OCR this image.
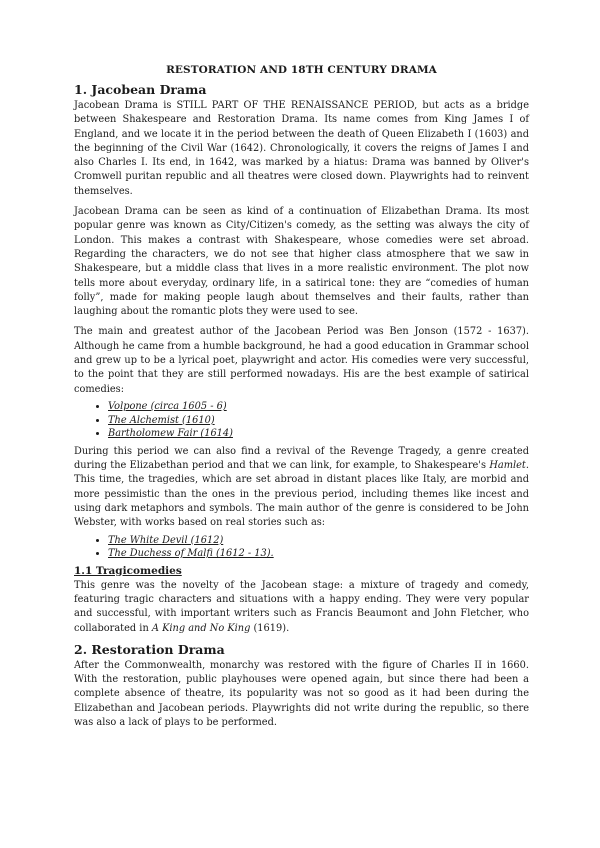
RESTORATION AND 18TH CENTURY DRAMA
1. Jacobean Drama

Jacobean Drama is STILL PART OF THE RENAISSANCE PERIOD, but acts as a bridge between Shakespeare and Restoration Drama. Its name comes from King James I of England, and we locate it in the period between the death of Queen Elizabeth I (1603) and the beginning of the Civil War (1642). Chronologically, it covers the reigns of James I and also Charles I. Its end, in 1642, was marked by a hiatus: Drama was banned by Oliver's Cromwell puritan republic and all theatres were closed down. Playwrights had to reinvent themselves.

Jacobean Drama can be seen as kind of a continuation of Elizabethan Drama. Its most popular genre was known as City/Citizen's comedy, as the setting was always the city of London. This makes a contrast with Shakespeare, whose comedies were set abroad. Regarding the characters, we do not see that higher class atmosphere that we saw in Shakespeare, but a middle class that lives in a more realistic environment. The plot now tells more about everyday, ordinary life, in a satirical tone: they are “comedies of human folly”, made for making people laugh about themselves and their faults, rather than laughing about the romantic plots they were used to see.

The main and greatest author of the Jacobean Period was Ben Jonson (1572 - 1637). Although he came from a humble background, he had a good education in Grammar school and grew up to be a lyrical poet, playwright and actor. His comedies were very successful, to the point that they are still performed nowadays. His are the best example of satirical comedies:

• Volpone (circa 1605 - 6)
• The Alchemist (1610)
• Bartholomew Fair (1614)

During this period we can also find a revival of the Revenge Tragedy, a genre created during the Elizabethan period and that we can link, for example, to Shakespeare's Hamlet. This time, the tragedies, which are set abroad in distant places like Italy, are morbid and more pessimistic than the ones in the previous period, including themes like incest and using dark metaphors and symbols. The main author of the genre is considered to be John Webster, with works based on real stories such as:

• The White Devil (1612)
• The Duchess of Malfi (1612 - 13).
1.1 Tragicomedies

This genre was the novelty of the Jacobean stage: a mixture of tragedy and comedy, featuring tragic characters and situations with a happy ending. They were very popular and successful, with important writers such as Francis Beaumont and John Fletcher, who collaborated in A King and No King (1619).

2. Restoration Drama

After the Commonwealth, monarchy was restored with the figure of Charles II in 1660. With the restoration, public playhouses were opened again, but since there had been a complete absence of theatre, its popularity was not so good as it had been during the Elizabethan and Jacobean periods. Playwrights did not write during the republic, so there was also a lack of plays to be performed.
